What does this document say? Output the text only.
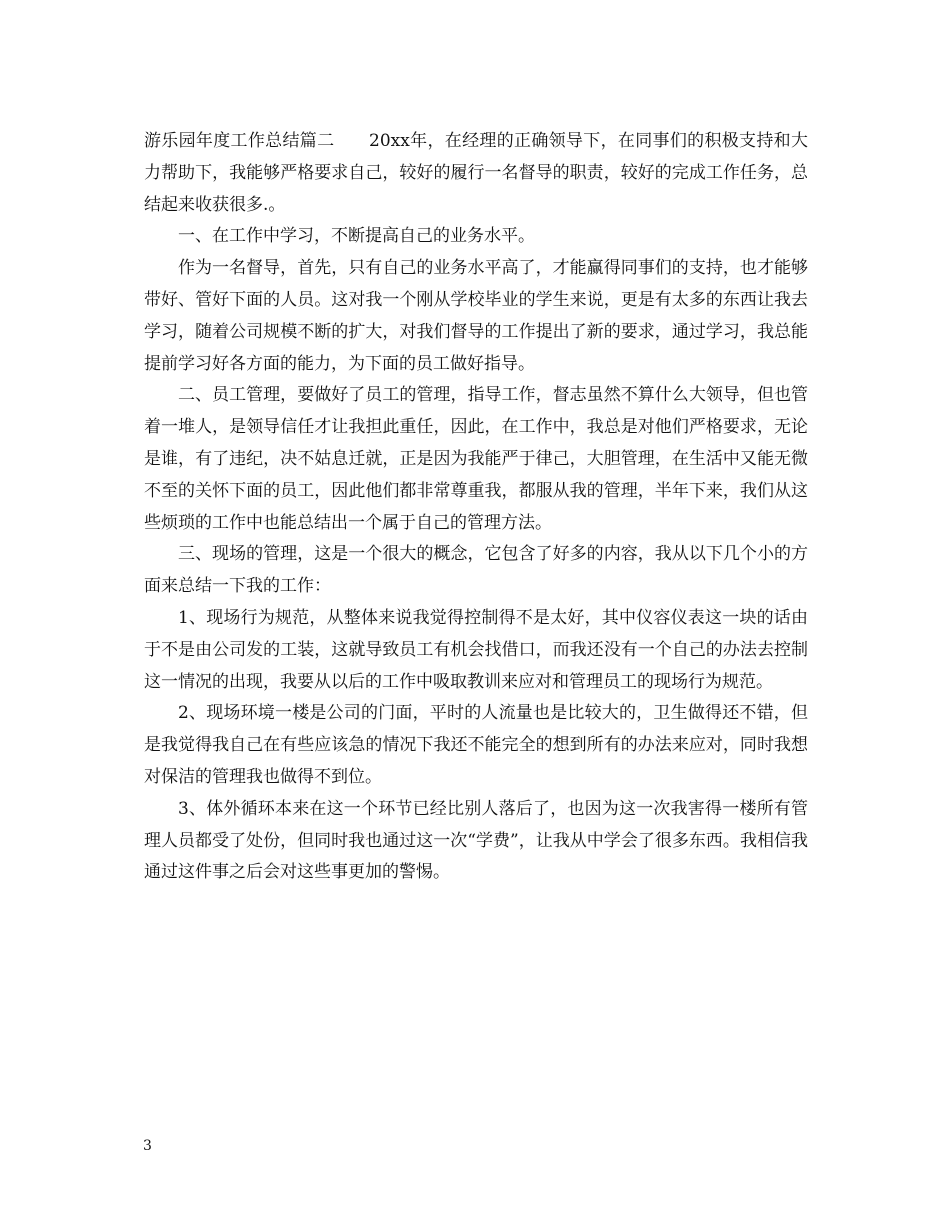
游乐园年度工作总结篇二　　20xx年，在经理的正确领导下，在同事们的积极支持和大力帮助下，我能够严格要求自己，较好的履行一名督导的职责，较好的完成工作任务，总结起来收获很多.。

一、在工作中学习，不断提高自己的业务水平。

作为一名督导，首先，只有自己的业务水平高了，才能赢得同事们的支持，也才能够带好、管好下面的人员。这对我一个刚从学校毕业的学生来说，更是有太多的东西让我去学习，随着公司规模不断的扩大，对我们督导的工作提出了新的要求，通过学习，我总能提前学习好各方面的能力，为下面的员工做好指导。

二、员工管理，要做好了员工的管理，指导工作，督志虽然不算什么大领导，但也管着一堆人，是领导信任才让我担此重任，因此，在工作中，我总是对他们严格要求，无论是谁，有了违纪，决不姑息迁就，正是因为我能严于律己，大胆管理，在生活中又能无微不至的关怀下面的员工，因此他们都非常尊重我，都服从我的管理，半年下来，我们从这些烦琐的工作中也能总结出一个属于自己的管理方法。

三、现场的管理，这是一个很大的概念，它包含了好多的内容，我从以下几个小的方面来总结一下我的工作：

1、现场行为规范，从整体来说我觉得控制得不是太好，其中仪容仪表这一块的话由于不是由公司发的工装，这就导致员工有机会找借口，而我还没有一个自己的办法去控制这一情况的出现，我要从以后的工作中吸取教训来应对和管理员工的现场行为规范。

2、现场环境一楼是公司的门面，平时的人流量也是比较大的，卫生做得还不错，但是我觉得我自己在有些应该急的情况下我还不能完全的想到所有的办法来应对，同时我想对保洁的管理我也做得不到位。

3、体外循环本来在这一个环节已经比别人落后了，也因为这一次我害得一楼所有管理人员都受了处份，但同时我也通过这一次“学费”，让我从中学会了很多东西。我相信我通过这件事之后会对这些事更加的警惕。

3
